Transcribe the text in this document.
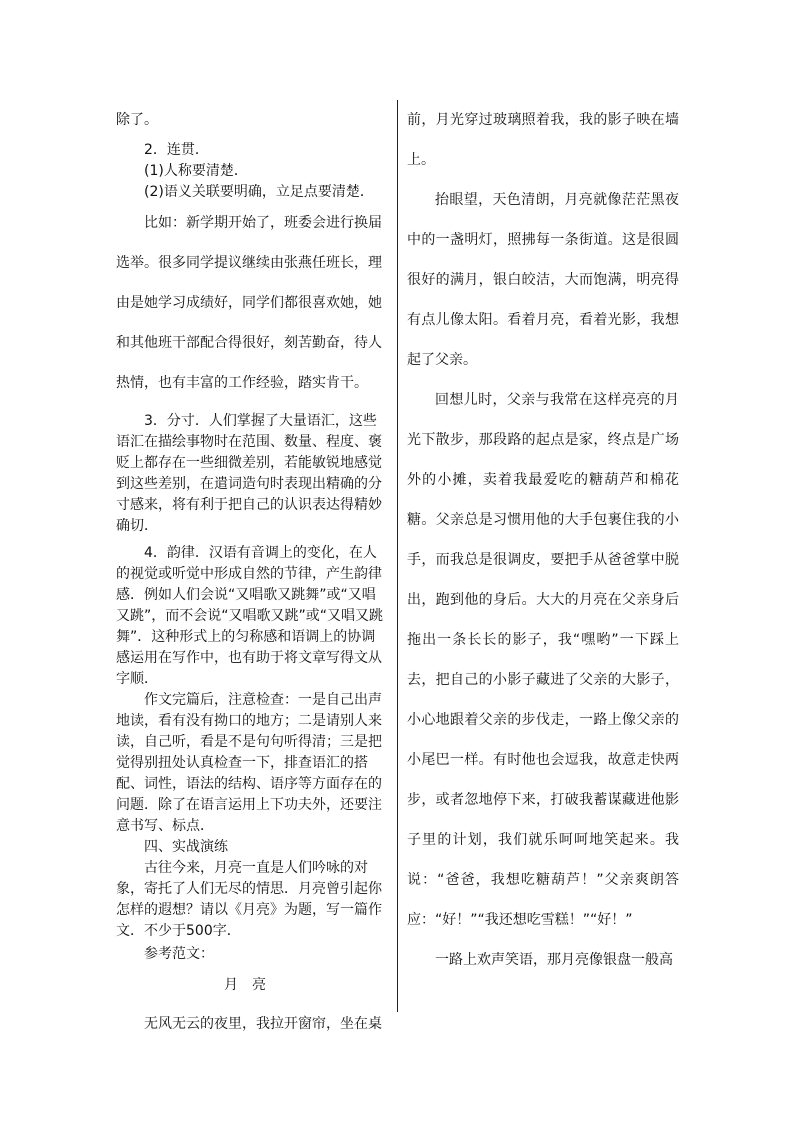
除了。

2．连贯．

(1)人称要清楚．

(2)语义关联要明确，立足点要清楚．

比如：新学期开始了，班委会进行换届选举。很多同学提议继续由张燕任班长，理由是她学习成绩好，同学们都很喜欢她，她和其他班干部配合得很好，刻苦勤奋，待人热情，也有丰富的工作经验，踏实肯干。

3．分寸．人们掌握了大量语汇，这些语汇在描绘事物时在范围、数量、程度、褒贬上都存在一些细微差别，若能敏锐地感觉到这些差别，在遣词造句时表现出精确的分寸感来，将有利于把自己的认识表达得精妙确切．

4．韵律．汉语有音调上的变化，在人的视觉或听觉中形成自然的节律，产生韵律感．例如人们会说“又唱歌又跳舞”或“又唱又跳”，而不会说“又唱歌又跳”或“又唱又跳舞”．这种形式上的匀称感和语调上的协调感运用在写作中，也有助于将文章写得文从字顺．

作文完篇后，注意检查：一是自己出声地读，看有没有拗口的地方；二是请别人来读，自己听，看是不是句句听得清；三是把觉得别扭处认真检查一下，排查语汇的搭配、词性，语法的结构、语序等方面存在的问题．除了在语言运用上下功夫外，还要注意书写、标点．

四、实战演练

古往今来，月亮一直是人们吟咏的对象，寄托了人们无尽的情思．月亮曾引起你怎样的遐想？请以《月亮》为题，写一篇作文．不少于500字．

参考范文：

月亮

无风无云的夜里，我拉开窗帘，坐在桌

前，月光穿过玻璃照着我，我的影子映在墙上。

抬眼望，天色清朗，月亮就像茫茫黑夜中的一盏明灯，照拂每一条街道。这是很圆很好的满月，银白皎洁，大而饱满，明亮得有点儿像太阳。看着月亮，看着光影，我想起了父亲。

回想儿时，父亲与我常在这样亮亮的月光下散步，那段路的起点是家，终点是广场外的小摊，卖着我最爱吃的糖葫芦和棉花糖。父亲总是习惯用他的大手包裹住我的小手，而我总是很调皮，要把手从爸爸掌中脱出，跑到他的身后。大大的月亮在父亲身后拖出一条长长的影子，我“嘿哟”一下踩上去，把自己的小影子藏进了父亲的大影子，小心地跟着父亲的步伐走，一路上像父亲的小尾巴一样。有时他也会逗我，故意走快两步，或者忽地停下来，打破我蓄谋藏进他影子里的计划，我们就乐呵呵地笑起来。我说：“爸爸，我想吃糖葫芦！”父亲爽朗答应：“好！”“我还想吃雪糕！”“好！”

一路上欢声笑语，那月亮像银盘一般高
